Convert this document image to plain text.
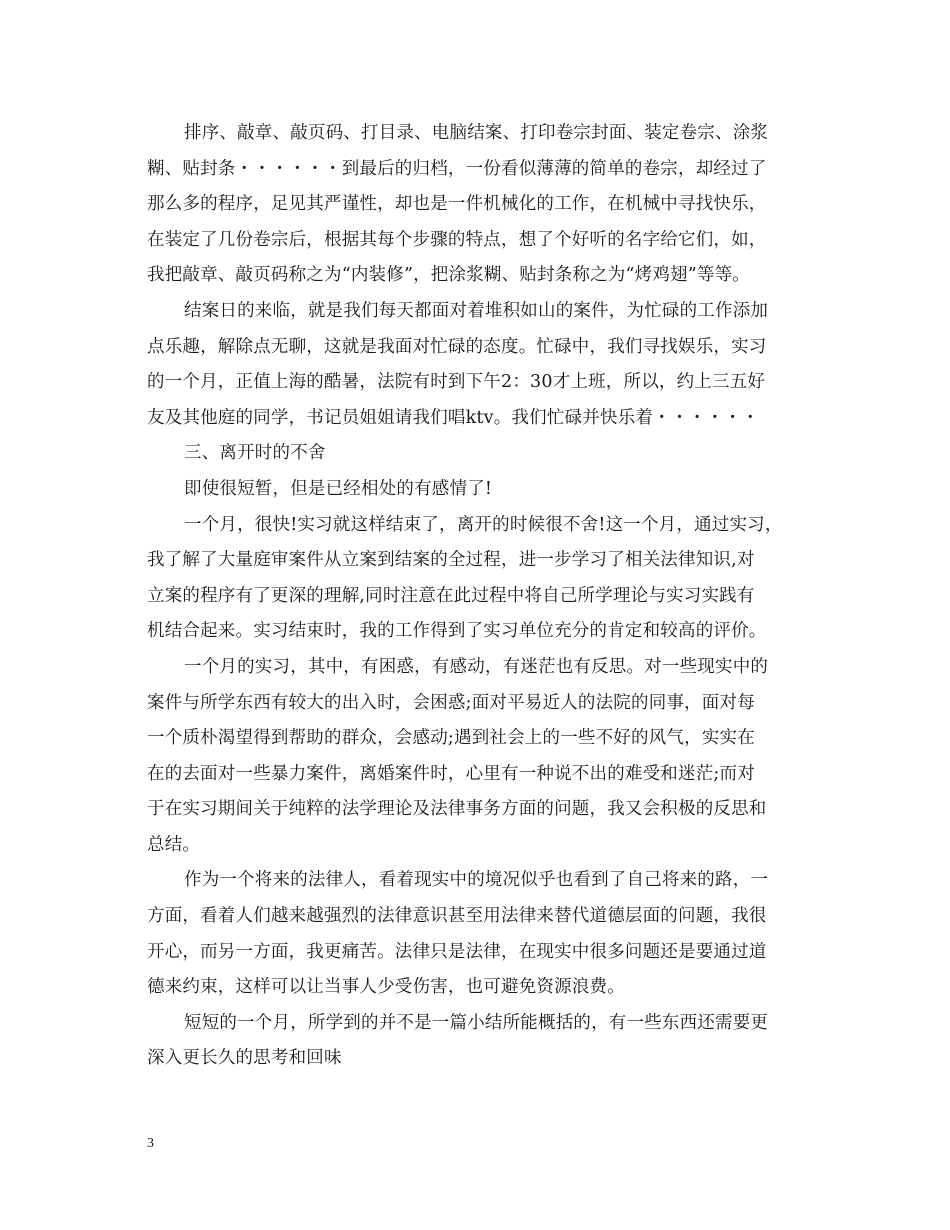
排序、敲章、敲页码、打目录、电脑结案、打印卷宗封面、装定卷宗、涂浆
糊、贴封条・・・・・・到最后的归档，一份看似薄薄的简单的卷宗，却经过了
那么多的程序，足见其严谨性，却也是一件机械化的工作，在机械中寻找快乐，
在装定了几份卷宗后，根据其每个步骤的特点，想了个好听的名字给它们，如，
我把敲章、敲页码称之为“内装修”，把涂浆糊、贴封条称之为“烤鸡翅”等等。
结案日的来临，就是我们每天都面对着堆积如山的案件，为忙碌的工作添加
点乐趣，解除点无聊，这就是我面对忙碌的态度。忙碌中，我们寻找娱乐，实习
的一个月，正值上海的酷暑，法院有时到下午2：30才上班，所以，约上三五好
友及其他庭的同学，书记员姐姐请我们唱ktv。我们忙碌并快乐着・・・・・・
三、离开时的不舍
即使很短暂，但是已经相处的有感情了!
一个月，很快!实习就这样结束了，离开的时候很不舍!这一个月，通过实习，
我了解了大量庭审案件从立案到结案的全过程，进一步学习了相关法律知识,对
立案的程序有了更深的理解,同时注意在此过程中将自己所学理论与实习实践有
机结合起来。实习结束时，我的工作得到了实习单位充分的肯定和较高的评价。
一个月的实习，其中，有困惑，有感动，有迷茫也有反思。对一些现实中的
案件与所学东西有较大的出入时，会困惑;面对平易近人的法院的同事，面对每
一个质朴渴望得到帮助的群众，会感动;遇到社会上的一些不好的风气，实实在
在的去面对一些暴力案件，离婚案件时，心里有一种说不出的难受和迷茫;而对
于在实习期间关于纯粹的法学理论及法律事务方面的问题，我又会积极的反思和
总结。
作为一个将来的法律人，看着现实中的境况似乎也看到了自己将来的路，一
方面，看着人们越来越强烈的法律意识甚至用法律来替代道德层面的问题，我很
开心，而另一方面，我更痛苦。法律只是法律，在现实中很多问题还是要通过道
德来约束，这样可以让当事人少受伤害，也可避免资源浪费。
短短的一个月，所学到的并不是一篇小结所能概括的，有一些东西还需要更
深入更长久的思考和回味
3
